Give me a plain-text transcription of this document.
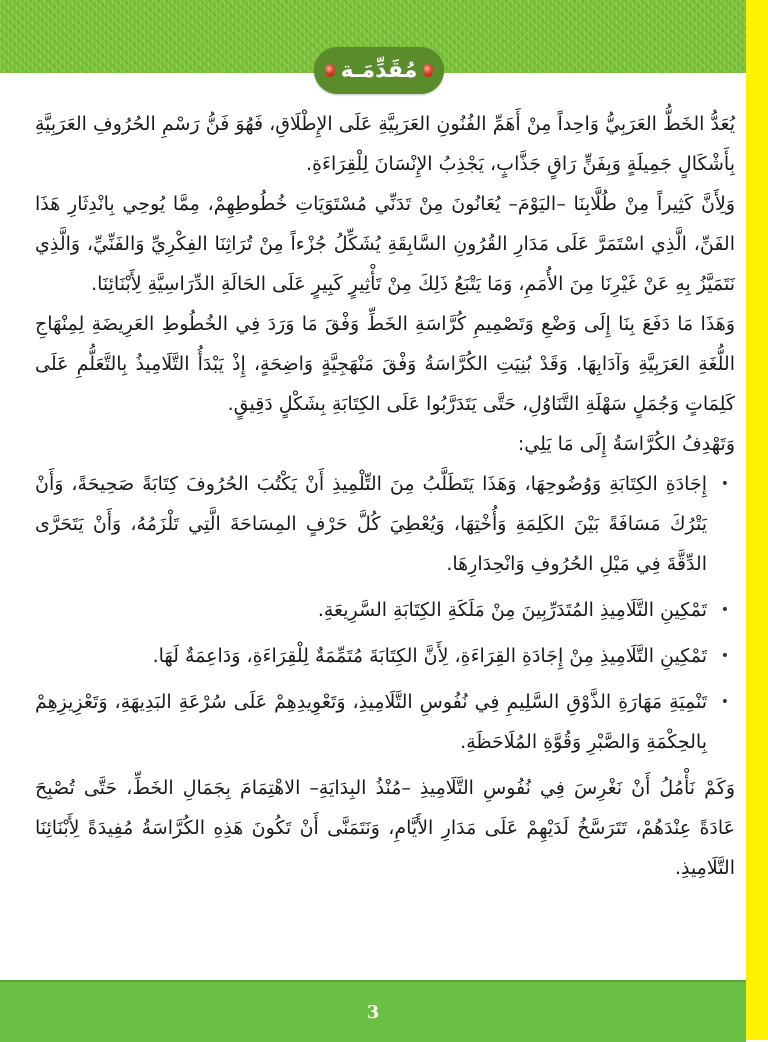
مُقَدِّمَـة

يُعَدُّ الخَطُّ العَرَبِيُّ وَاحِداً مِنْ أَهَمِّ الفُنُونِ العَرَبِيَّةِ عَلَى الإِطْلَاقِ، فَهُوَ فَنُّ رَسْمِ الحُرُوفِ العَرَبِيَّةِ بِأَشْكَالٍ جَمِيلَةٍ وَبِفَنٍّ رَاقٍ جَذَّابٍ، يَجْذِبُ الإِنْسَانَ لِلْقِرَاءَةِ.

وَلِأَنَّ كَثِيراً مِنْ طُلَّابِنَا –اليَوْمَ– يُعَانُونَ مِنْ تَدَنِّي مُسْتَوَيَاتِ خُطُوطِهِمْ، مِمَّا يُوحِي بِانْدِثَارِ هَذَا الفَنِّ، الَّذِي اسْتَمَرَّ عَلَى مَدَارِ القُرُونِ السَّابِقَةِ يُشَكِّلُ جُزْءاً مِنْ تُرَاثِنَا الفِكْرِيِّ وَالفَنِّيِّ، وَالَّذِي نَتَمَيَّزُ بِهِ عَنْ غَيْرِنَا مِنَ الأُمَمِ، وَمَا يَتْبَعُ ذَلِكَ مِنْ تَأْثِيرٍ كَبِيرٍ عَلَى الحَالَةِ الدِّرَاسِيَّةِ لِأَبْنَائِنَا.

وَهَذَا مَا دَفَعَ بِنَا إِلَى وَضْعِ وَتَصْمِيمِ كُرَّاسَةِ الخَطِّ وَفْقَ مَا وَرَدَ فِي الخُطُوطِ العَرِيضَةِ لِمِنْهَاجِ اللُّغَةِ العَرَبِيَّةِ وَآدَابِهَا. وَقَدْ بُنِيَتِ الكُرَّاسَةُ وَفْقَ مَنْهَجِيَّةٍ وَاضِحَةٍ، إِذْ يَبْدَأُ التَّلَامِيذُ بِالتَّعَلُّمِ عَلَى كَلِمَاتٍ وَجُمَلٍ سَهْلَةِ التَّنَاوُلِ، حَتَّى يَتَدَرَّبُوا عَلَى الكِتَابَةِ بِشَكْلٍ دَقِيقٍ.

وَتَهْدِفُ الكُرَّاسَةُ إِلَى مَا يَلِي:

•
إِجَادَةِ الكِتَابَةِ وَوُضُوحِهَا، وَهَذَا يَتَطَلَّبُ مِنَ التِّلْمِيذِ أَنْ يَكْتُبَ الحُرُوفَ كِتَابَةً صَحِيحَةً، وَأَنْ يَتْرُكَ مَسَافَةً بَيْنَ الكَلِمَةِ وَأُخْتِهَا، وَيُعْطِيَ كُلَّ حَرْفٍ المِسَاحَةَ الَّتِي تَلْزَمُهُ، وَأَنْ يَتَحَرَّى الدِّقَّةَ فِي مَيْلِ الحُرُوفِ وَانْحِدَارِهَا.
•
تَمْكِينِ التَّلَامِيذِ المُتَدَرِّبِينَ مِنْ مَلَكَةِ الكِتَابَةِ السَّرِيعَةِ.
•
تَمْكِينِ التَّلَامِيذِ مِنْ إِجَادَةِ القِرَاءَةِ، لِأَنَّ الكِتَابَةَ مُتَمِّمَةٌ لِلْقِرَاءَةِ، وَدَاعِمَةٌ لَهَا.
•
تَنْمِيَةِ مَهَارَةِ الذَّوْقِ السَّلِيمِ فِي نُفُوسِ التَّلَامِيذِ، وَتَعْوِيدِهِمْ عَلَى سُرْعَةِ البَدِيهَةِ، وَتَعْزِيزِهِمْ بِالحِكْمَةِ وَالصَّبْرِ وَقُوَّةِ المُلَاحَظَةِ.

وَكَمْ نَأْمُلُ أَنْ نَغْرِسَ فِي نُفُوسِ التَّلَامِيذِ –مُنْذُ البِدَايَةِ– الاهْتِمَامَ بِجَمَالِ الخَطِّ، حَتَّى تُصْبِحَ عَادَةً عِنْدَهُمْ، تَتَرَسَّخُ لَدَيْهِمْ عَلَى مَدَارِ الأَيَّامِ، وَنَتَمَنَّى أَنْ تَكُونَ هَذِهِ الكُرَّاسَةُ مُفِيدَةً لِأَبْنَائِنَا التَّلَامِيذِ.

3
